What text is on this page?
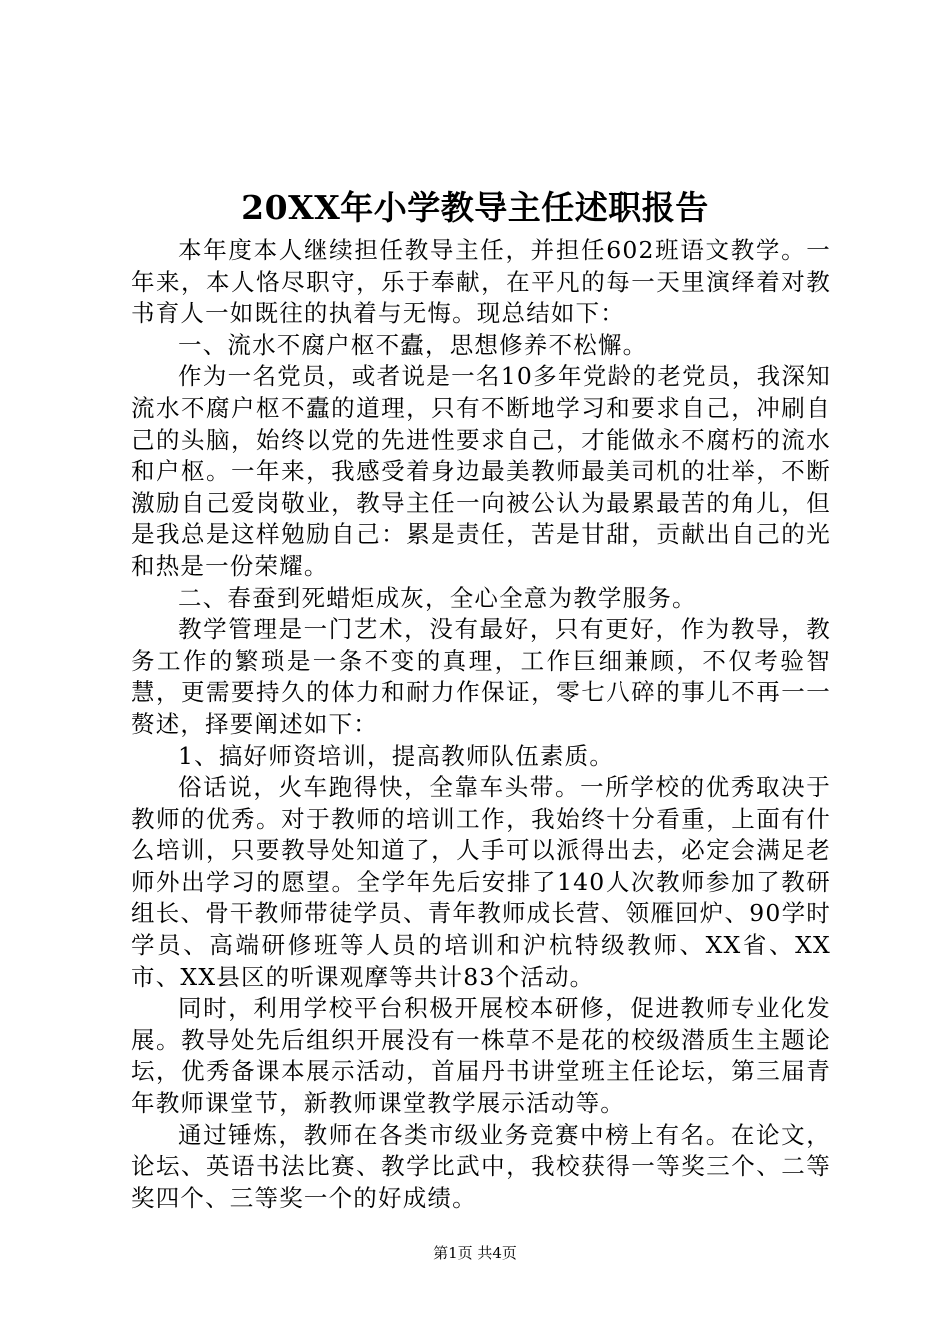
20XX年小学教导主任述职报告

本年度本人继续担任教导主任，并担任602班语文教学。一年来，本人恪尽职守，乐于奉献，在平凡的每一天里演绎着对教书育人一如既往的执着与无悔。现总结如下：

一、流水不腐户枢不蠹，思想修养不松懈。

作为一名党员，或者说是一名10多年党龄的老党员，我深知流水不腐户枢不蠹的道理，只有不断地学习和要求自己，冲刷自己的头脑，始终以党的先进性要求自己，才能做永不腐朽的流水和户枢。一年来，我感受着身边最美教师最美司机的壮举，不断激励自己爱岗敬业，教导主任一向被公认为最累最苦的角儿，但是我总是这样勉励自己：累是责任，苦是甘甜，贡献出自己的光和热是一份荣耀。

二、春蚕到死蜡炬成灰，全心全意为教学服务。

教学管理是一门艺术，没有最好，只有更好，作为教导，教务工作的繁琐是一条不变的真理，工作巨细兼顾，不仅考验智慧，更需要持久的体力和耐力作保证，零七八碎的事儿不再一一赘述，择要阐述如下：

1、搞好师资培训，提高教师队伍素质。

俗话说，火车跑得快，全靠车头带。一所学校的优秀取决于教师的优秀。对于教师的培训工作，我始终十分看重，上面有什么培训，只要教导处知道了，人手可以派得出去，必定会满足老师外出学习的愿望。全学年先后安排了140人次教师参加了教研组长、骨干教师带徒学员、青年教师成长营、领雁回炉、90学时学员、高端研修班等人员的培训和沪杭特级教师、XX省、XX市、XX县区的听课观摩等共计83个活动。

同时，利用学校平台积极开展校本研修，促进教师专业化发展。教导处先后组织开展没有一株草不是花的校级潜质生主题论坛，优秀备课本展示活动，首届丹书讲堂班主任论坛，第三届青年教师课堂节，新教师课堂教学展示活动等。

通过锤炼，教师在各类市级业务竞赛中榜上有名。在论文，论坛、英语书法比赛、教学比武中，我校获得一等奖三个、二等奖四个、三等奖一个的好成绩。

第1页 共4页
